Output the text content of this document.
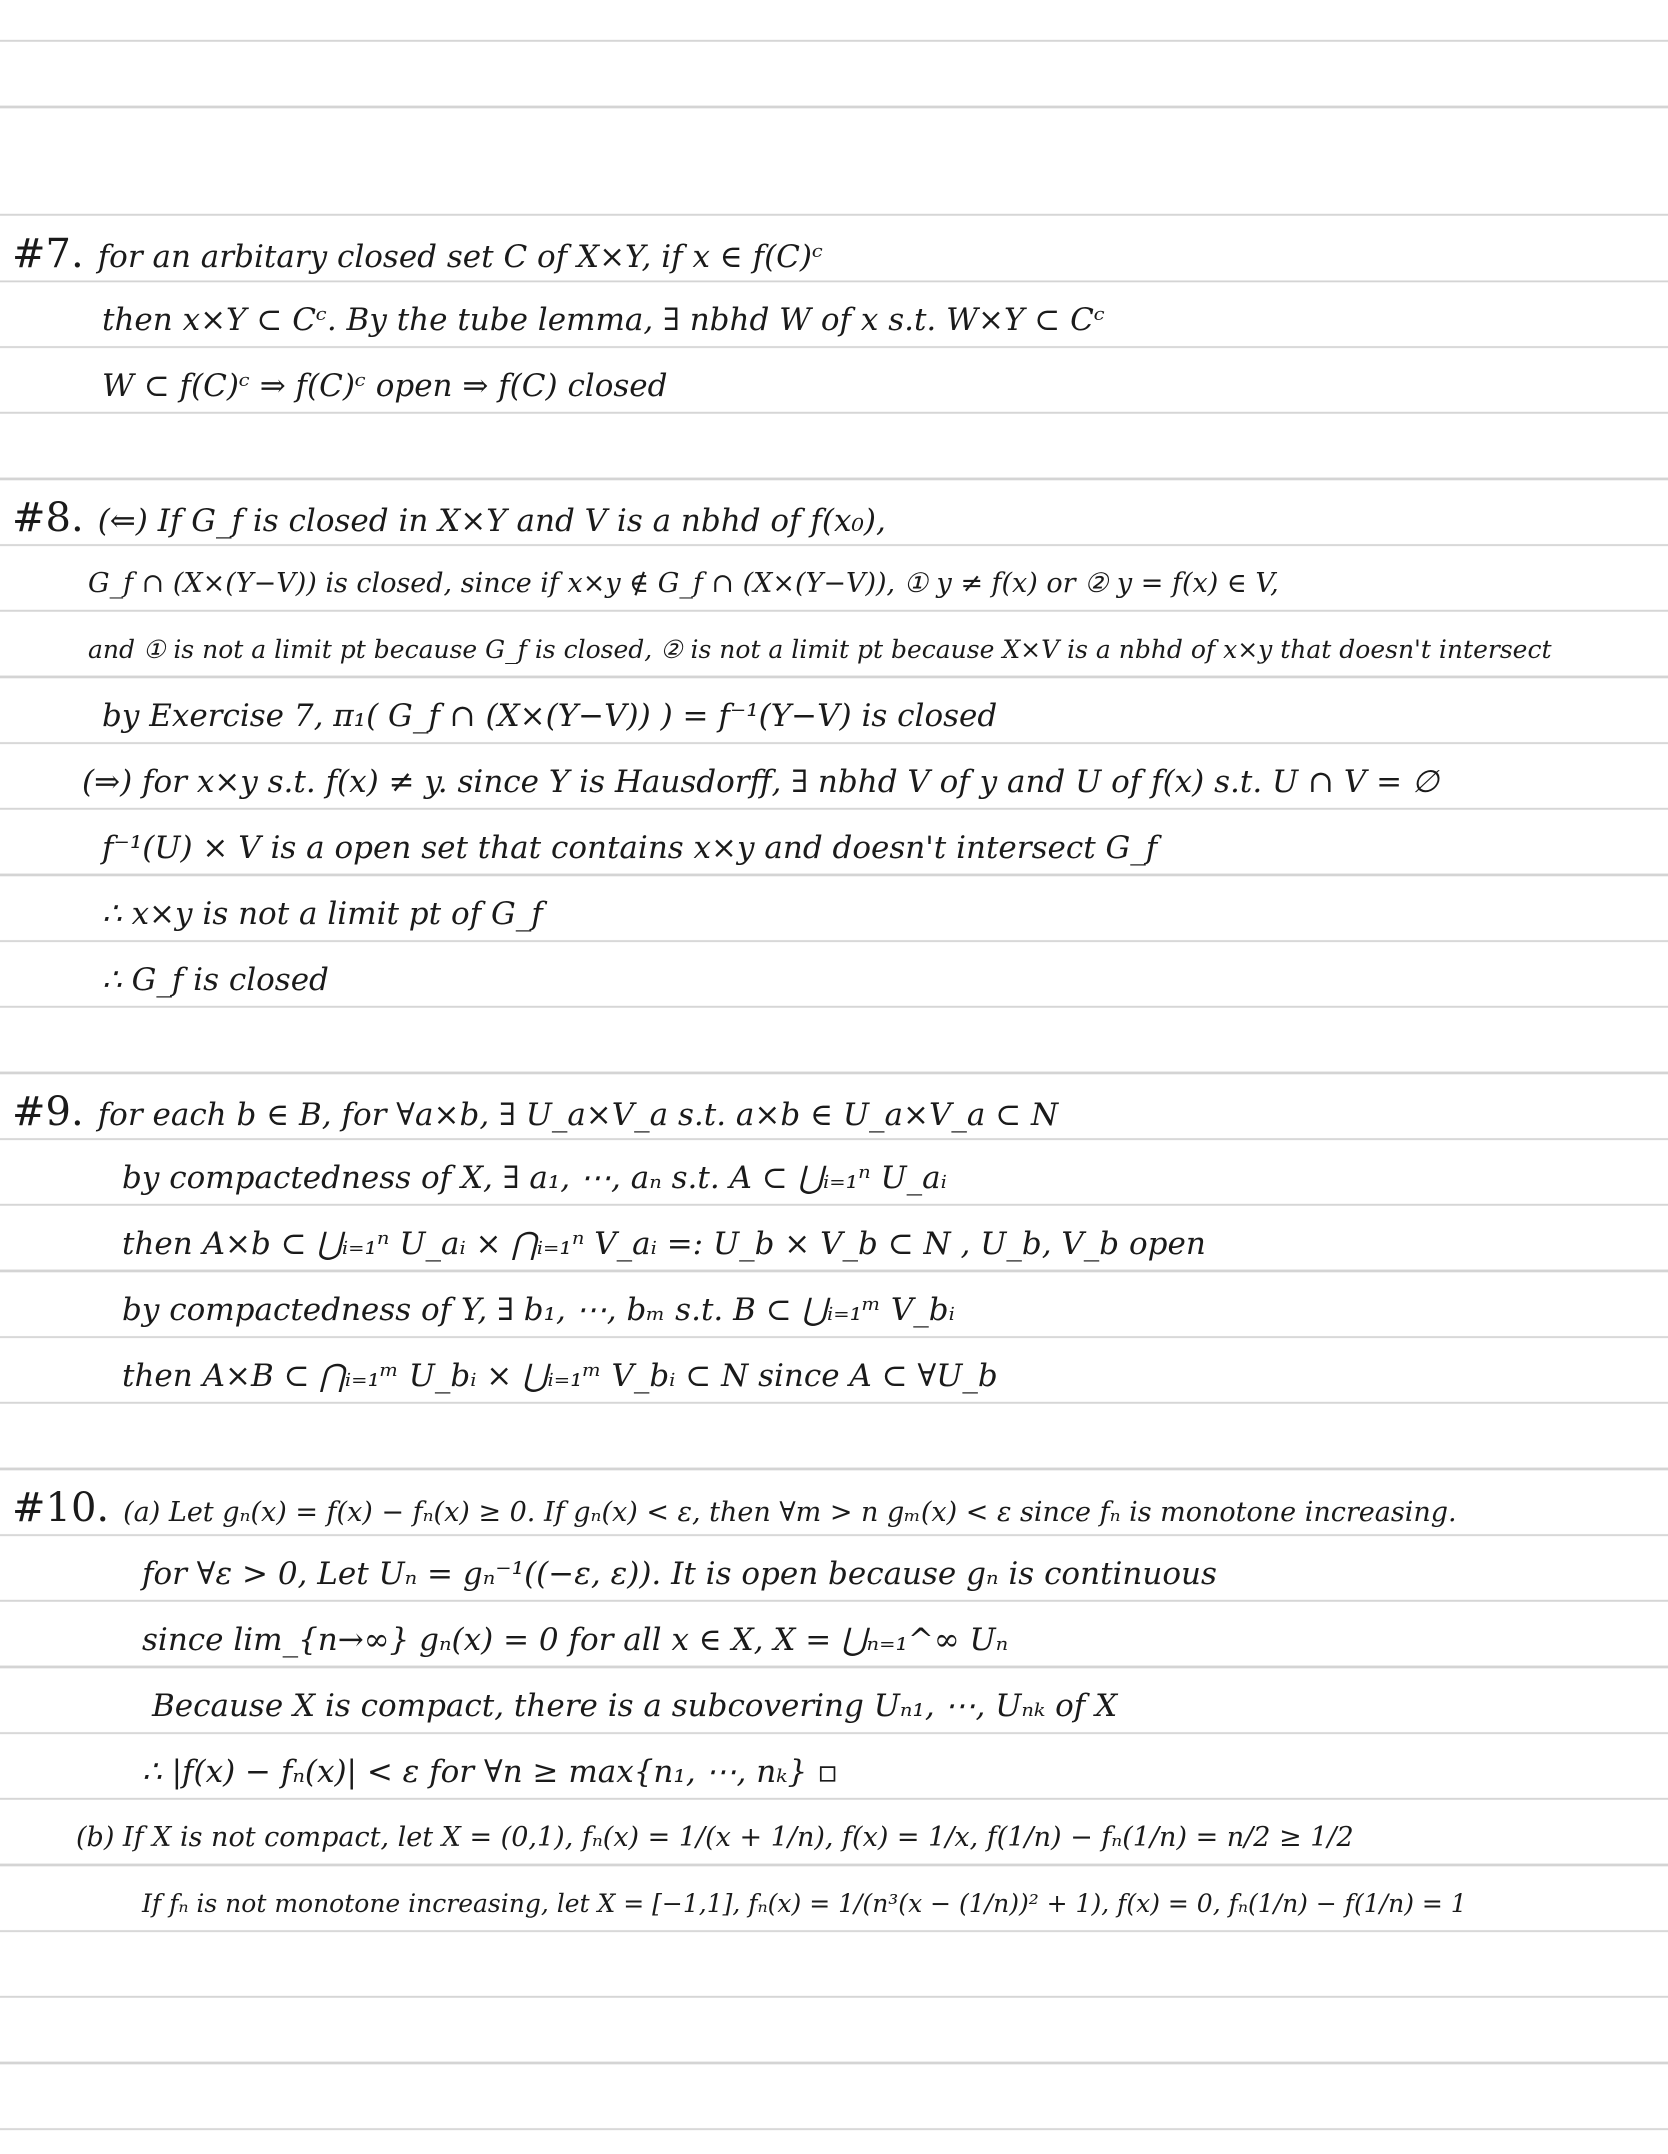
#7. for an arbitary closed set C of X×Y, if x ∈ f(C)ᶜ
then x×Y ⊂ Cᶜ. By the tube lemma, ∃ nbhd W of x s.t. W×Y ⊂ Cᶜ
W ⊂ f(C)ᶜ ⇒ f(C)ᶜ open ⇒ f(C) closed
#8. (⇐) If G_f is closed in X×Y and V is a nbhd of f(x₀),
G_f ∩ (X×(Y−V)) is closed, since if x×y ∉ G_f ∩ (X×(Y−V)), ① y ≠ f(x) or ② y = f(x) ∈ V,
and ① is not a limit pt because G_f is closed, ② is not a limit pt because X×V is a nbhd of x×y that doesn't intersect
by Exercise 7, π₁( G_f ∩ (X×(Y−V)) ) = f⁻¹(Y−V) is closed
(⇒) for x×y s.t. f(x) ≠ y. since Y is Hausdorff, ∃ nbhd V of y and U of f(x) s.t. U ∩ V = ∅
f⁻¹(U) × V is a open set that contains x×y and doesn't intersect G_f
∴ x×y is not a limit pt of G_f
∴ G_f is closed
#9. for each b ∈ B, for ∀a×b, ∃ U_a×V_a s.t. a×b ∈ U_a×V_a ⊂ N
by compactedness of X, ∃ a₁, ⋯, aₙ s.t. A ⊂ ⋃ᵢ₌₁ⁿ U_aᵢ
then A×b ⊂ ⋃ᵢ₌₁ⁿ U_aᵢ × ⋂ᵢ₌₁ⁿ V_aᵢ =: U_b × V_b ⊂ N , U_b, V_b open
by compactedness of Y, ∃ b₁, ⋯, bₘ s.t. B ⊂ ⋃ᵢ₌₁ᵐ V_bᵢ
then A×B ⊂ ⋂ᵢ₌₁ᵐ U_bᵢ × ⋃ᵢ₌₁ᵐ V_bᵢ ⊂ N since A ⊂ ∀U_b
#10. (a) Let gₙ(x) = f(x) − fₙ(x) ≥ 0. If gₙ(x) < ε, then ∀m > n gₘ(x) < ε since fₙ is monotone increasing.
for ∀ε > 0, Let Uₙ = gₙ⁻¹((−ε, ε)). It is open because gₙ is continuous
since lim_{n→∞} gₙ(x) = 0 for all x ∈ X, X = ⋃ₙ₌₁^∞ Uₙ
Because X is compact, there is a subcovering Uₙ₁, ⋯, Uₙₖ of X
∴ |f(x) − fₙ(x)| < ε for ∀n ≥ max{n₁, ⋯, nₖ} ▫
(b) If X is not compact, let X = (0,1), fₙ(x) = 1/(x + 1/n), f(x) = 1/x, f(1/n) − fₙ(1/n) = n/2 ≥ 1/2
If fₙ is not monotone increasing, let X = [−1,1], fₙ(x) = 1/(n³(x − (1/n))² + 1), f(x) = 0, fₙ(1/n) − f(1/n) = 1
